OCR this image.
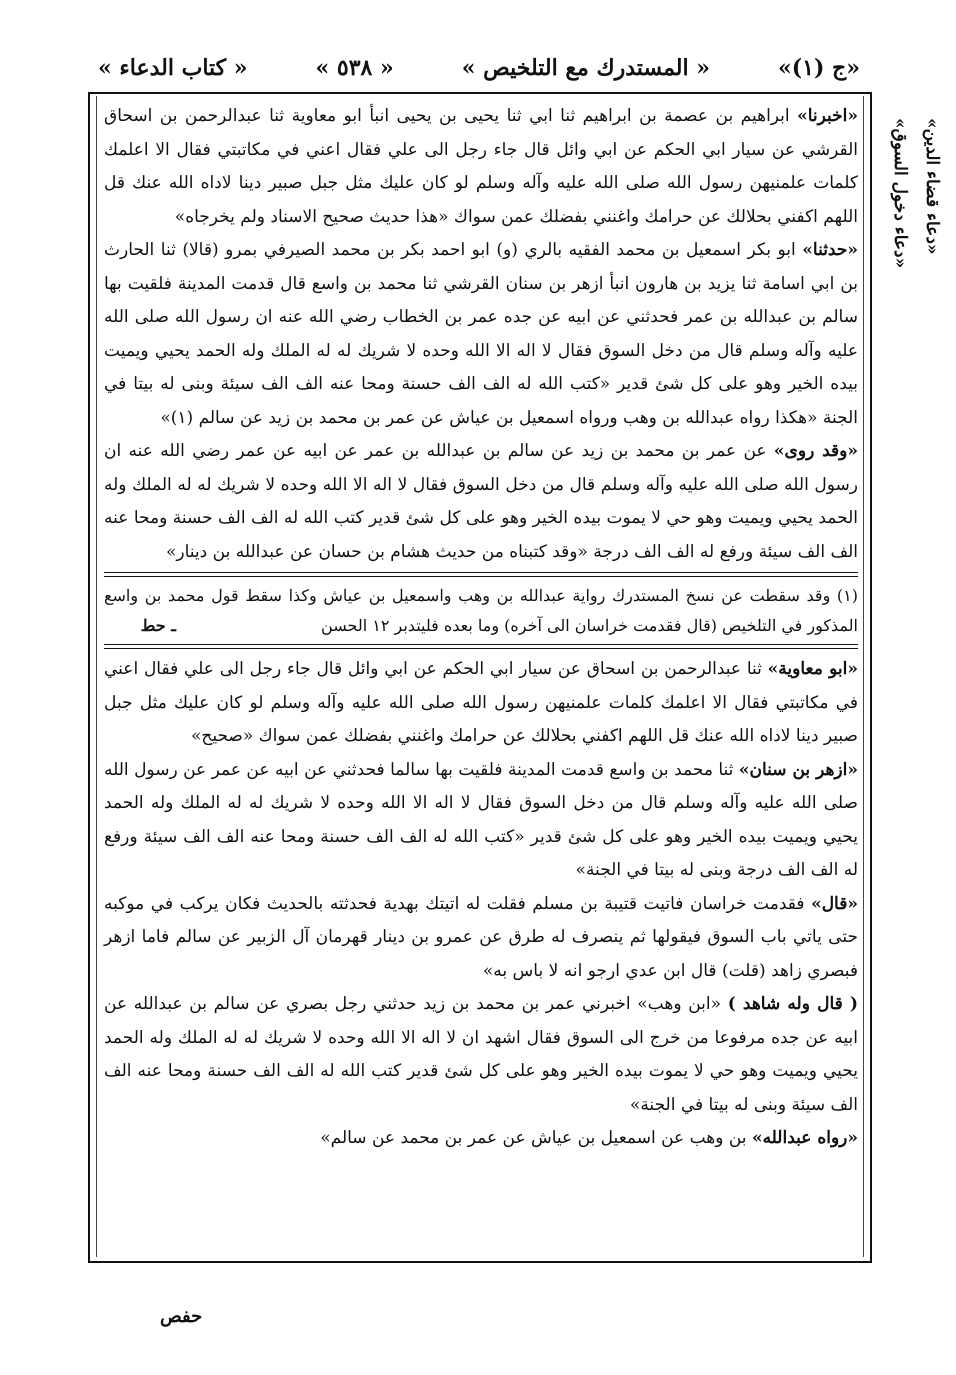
«ج (١)»
« المستدرك مع التلخيص »
« ٥٣٨ »
« كتاب الدعاء »
«دعاء قضاء الدين»
«دعاء دخول السوق»

«اخبرنا» ابراهيم بن عصمة بن ابراهيم ثنا ابي ثنا يحيى بن يحيى انبأ ابو معاوية ثنا عبدالرحمن بن اسحاق القرشي عن سيار ابي الحكم عن ابي وائل قال جاء رجل الى علي فقال اعني في مكاتبتي فقال الا اعلمك كلمات علمنيهن رسول الله صلى الله عليه وآله وسلم لو كان عليك مثل جبل صبير دينا لاداه الله عنك قل اللهم اكفني بحلالك عن حرامك واغنني بفضلك عمن سواك «هذا حديث صحيح الاسناد ولم يخرجاه»

«حدثنا» ابو بكر اسمعيل بن محمد الفقيه بالري (و) ابو احمد بكر بن محمد الصيرفي بمرو (قالا) ثنا الحارث بن ابي اسامة ثنا يزيد بن هارون انبأ ازهر بن سنان القرشي ثنا محمد بن واسع قال قدمت المدينة فلقيت بها سالم بن عبدالله بن عمر فحدثني عن ابيه عن جده عمر بن الخطاب رضي الله عنه ان رسول الله صلى الله عليه وآله وسلم قال من دخل السوق فقال لا اله الا الله وحده لا شريك له له الملك وله الحمد يحيي ويميت بيده الخير وهو على كل شئ قدير «كتب الله له الف الف حسنة ومحا عنه الف الف سيئة وبنى له بيتا في الجنة «هكذا رواه عبدالله بن وهب ورواه اسمعيل بن عياش عن عمر بن محمد بن زيد عن سالم (١)»

«وقد روى» عن عمر بن محمد بن زيد عن سالم بن عبدالله بن عمر عن ابيه عن عمر رضي الله عنه ان رسول الله صلى الله عليه وآله وسلم قال من دخل السوق فقال لا اله الا الله وحده لا شريك له له الملك وله الحمد يحيي ويميت وهو حي لا يموت بيده الخير وهو على كل شئ قدير كتب الله له الف الف حسنة ومحا عنه الف الف سيئة ورفع له الف الف درجة «وقد كتبناه من حديث هشام بن حسان عن عبدالله بن دينار»

(١) وقد سقطت عن نسخ المستدرك رواية عبدالله بن وهب واسمعيل بن عياش وكذا سقط قول محمد بن واسع المذكور في التلخيص (قال فقدمت خراسان الى آخره) وما بعده فليتدبر ١٢ الحسن ـ حط

«ابو معاوية» ثنا عبدالرحمن بن اسحاق عن سيار ابي الحكم عن ابي وائل قال جاء رجل الى علي فقال اعني في مكاتبتي فقال الا اعلمك كلمات علمنيهن رسول الله صلى الله عليه وآله وسلم لو كان عليك مثل جبل صبير دينا لاداه الله عنك قل اللهم اكفني بحلالك عن حرامك واغنني بفضلك عمن سواك «صحيح»

«ازهر بن سنان» ثنا محمد بن واسع قدمت المدينة فلقيت بها سالما فحدثني عن ابيه عن عمر عن رسول الله صلى الله عليه وآله وسلم قال من دخل السوق فقال لا اله الا الله وحده لا شريك له له الملك وله الحمد يحيي ويميت بيده الخير وهو على كل شئ قدير «كتب الله له الف الف حسنة ومحا عنه الف الف سيئة ورفع له الف الف درجة وبنى له بيتا في الجنة»

«قال» فقدمت خراسان فاتيت قتيبة بن مسلم فقلت له اتيتك بهدية فحدثته بالحديث فكان يركب في موكبه حتى ياتي باب السوق فيقولها ثم ينصرف له طرق عن عمرو بن دينار قهرمان آل الزبير عن سالم فاما ازهر فبصري زاهد (قلت) قال ابن عدي ارجو انه لا باس به»

( قال وله شاهد ) «ابن وهب» اخبرني عمر بن محمد بن زيد حدثني رجل بصري عن سالم بن عبدالله عن ابيه عن جده مرفوعا من خرج الى السوق فقال اشهد ان لا اله الا الله وحده لا شريك له له الملك وله الحمد يحيي ويميت وهو حي لا يموت بيده الخير وهو على كل شئ قدير كتب الله له الف الف حسنة ومحا عنه الف الف سيئة وبنى له بيتا في الجنة»

«رواه عبدالله» بن وهب عن اسمعيل بن عياش عن عمر بن محمد عن سالم»

حفص
